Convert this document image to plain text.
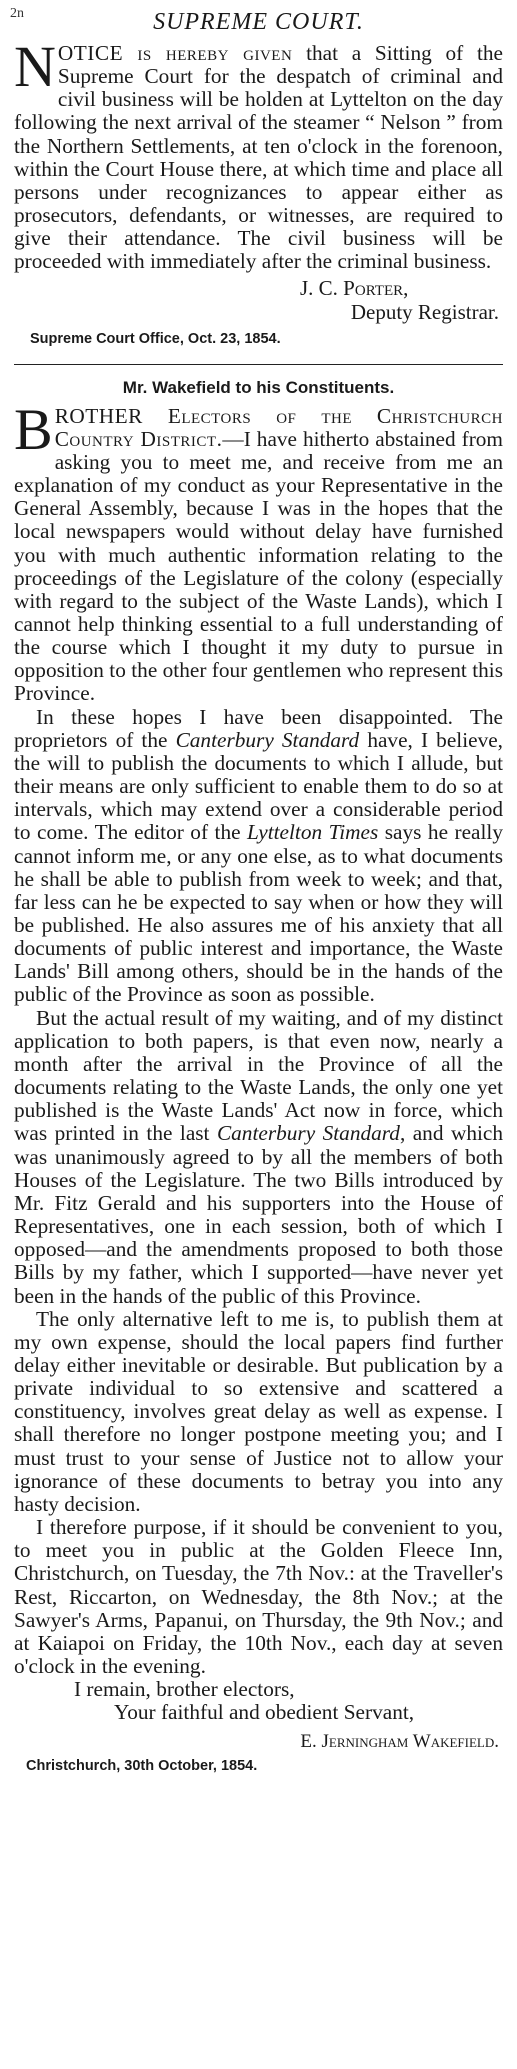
2n	SUPREME COURT.

NOTICE is hereby given that a Sitting of the Supreme Court for the despatch of criminal and civil business will be holden at Lyttelton on the day following the next arrival of the steamer “ Nelson ” from the Northern Settlements, at ten o'clock in the forenoon, within the Court House there, at which time and place all persons under recognizances to appear either as prosecutors, defendants, or witnesses, are required to give their attendance. The civil business will be proceeded with immediately after the criminal business.

J. C. Porter,
Deputy Registrar.
Supreme Court Office, Oct. 23, 1854.
Mr. Wakefield to his Constituents.

BROTHER Electors of the Christchurch Country District.—I have hitherto abstained from asking you to meet me, and receive from me an explanation of my conduct as your Representative in the General Assembly, because I was in the hopes that the local newspapers would without delay have furnished you with much authentic information relating to the proceedings of the Legislature of the colony (especially with regard to the subject of the Waste Lands), which I cannot help thinking essential to a full understanding of the course which I thought it my duty to pursue in opposition to the other four gentlemen who represent this Province.

In these hopes I have been disappointed. The proprietors of the Canterbury Standard have, I believe, the will to publish the documents to which I allude, but their means are only sufficient to enable them to do so at intervals, which may extend over a considerable period to come. The editor of the Lyttelton Times says he really cannot inform me, or any one else, as to what documents he shall be able to publish from week to week; and that, far less can he be expected to say when or how they will be published. He also assures me of his anxiety that all documents of public interest and importance, the Waste Lands' Bill among others, should be in the hands of the public of the Province as soon as possible.

But the actual result of my waiting, and of my distinct application to both papers, is that even now, nearly a month after the arrival in the Province of all the documents relating to the Waste Lands, the only one yet published is the Waste Lands' Act now in force, which was printed in the last Canterbury Standard, and which was unanimously agreed to by all the members of both Houses of the Legislature. The two Bills introduced by Mr. Fitz Gerald and his supporters into the House of Representatives, one in each session, both of which I opposed—and the amendments proposed to both those Bills by my father, which I supported—have never yet been in the hands of the public of this Province.

The only alternative left to me is, to publish them at my own expense, should the local papers find further delay either inevitable or desirable. But publication by a private individual to so extensive and scattered a constituency, involves great delay as well as expense. I shall therefore no longer postpone meeting you; and I must trust to your sense of Justice not to allow your ignorance of these documents to betray you into any hasty decision.

I therefore purpose, if it should be convenient to you, to meet you in public at the Golden Fleece Inn, Christchurch, on Tuesday, the 7th Nov.: at the Traveller's Rest, Riccarton, on Wednesday, the 8th Nov.; at the Sawyer's Arms, Papanui, on Thursday, the 9th Nov.; and at Kaiapoi on Friday, the 10th Nov., each day at seven o'clock in the evening.

I remain, brother electors,
Your faithful and obedient Servant,
E. Jerningham Wakefield.
Christchurch, 30th October, 1854.
